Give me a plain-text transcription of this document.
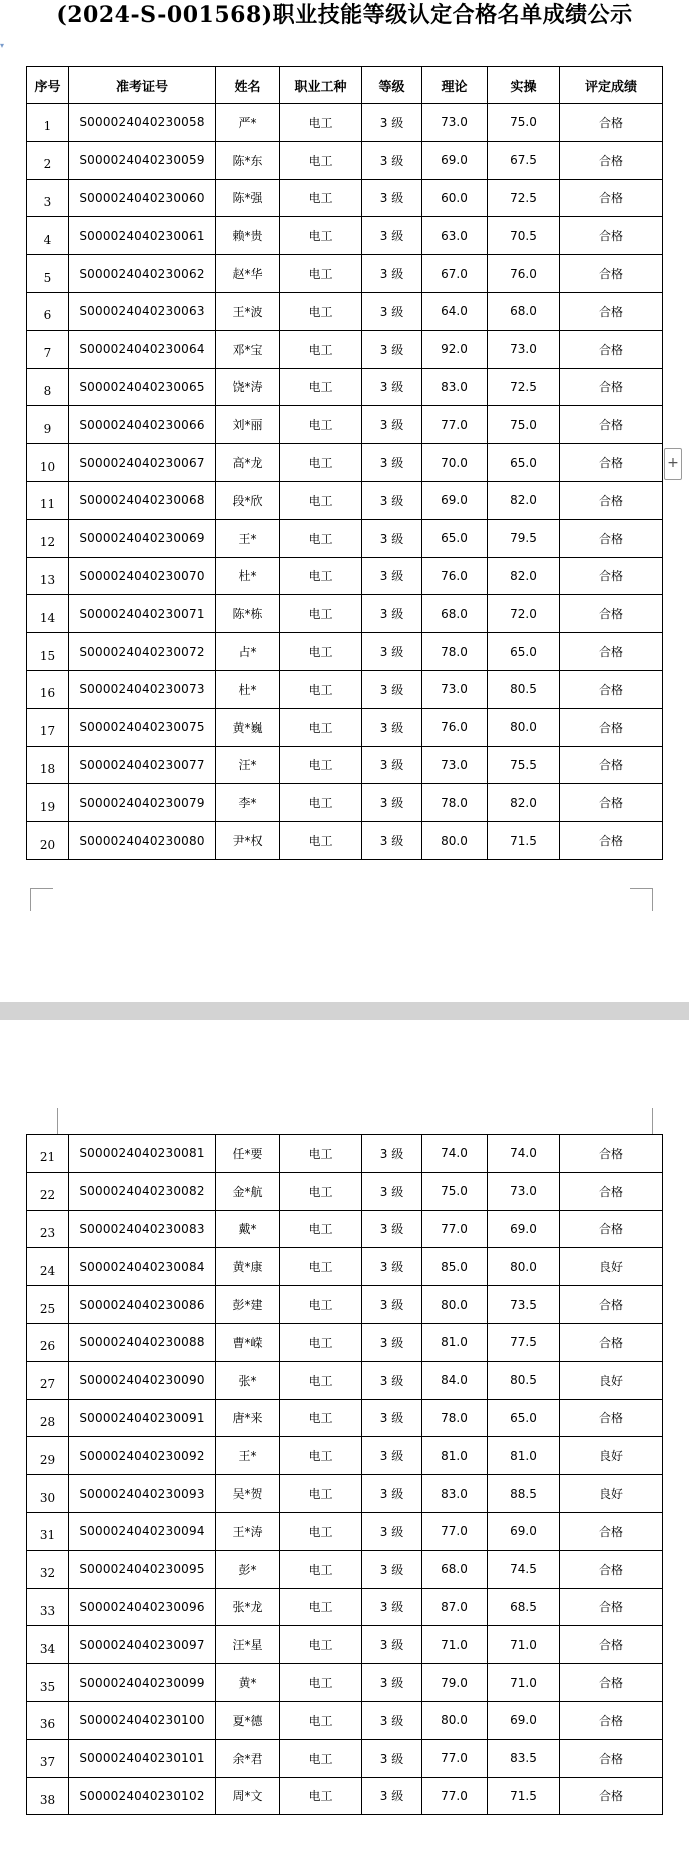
(2024-S-001568)职业技能等级认定合格名单成绩公示
▾
序号	准考证号	姓名	职业工种	等级	理论	实操	评定成绩
1	S000024040230058	严*	电工	3 级	73.0	75.0	合格
2	S000024040230059	陈*东	电工	3 级	69.0	67.5	合格
3	S000024040230060	陈*强	电工	3 级	60.0	72.5	合格
4	S000024040230061	赖*贵	电工	3 级	63.0	70.5	合格
5	S000024040230062	赵*华	电工	3 级	67.0	76.0	合格
6	S000024040230063	王*波	电工	3 级	64.0	68.0	合格
7	S000024040230064	邓*宝	电工	3 级	92.0	73.0	合格
8	S000024040230065	饶*涛	电工	3 级	83.0	72.5	合格
9	S000024040230066	刘*丽	电工	3 级	77.0	75.0	合格
10	S000024040230067	高*龙	电工	3 级	70.0	65.0	合格
11	S000024040230068	段*欣	电工	3 级	69.0	82.0	合格
12	S000024040230069	王*	电工	3 级	65.0	79.5	合格
13	S000024040230070	杜*	电工	3 级	76.0	82.0	合格
14	S000024040230071	陈*栋	电工	3 级	68.0	72.0	合格
15	S000024040230072	占*	电工	3 级	78.0	65.0	合格
16	S000024040230073	杜*	电工	3 级	73.0	80.5	合格
17	S000024040230075	黄*巍	电工	3 级	76.0	80.0	合格
18	S000024040230077	汪*	电工	3 级	73.0	75.5	合格
19	S000024040230079	李*	电工	3 级	78.0	82.0	合格
20	S000024040230080	尹*权	电工	3 级	80.0	71.5	合格
+
21	S000024040230081	任*要	电工	3 级	74.0	74.0	合格
22	S000024040230082	金*航	电工	3 级	75.0	73.0	合格
23	S000024040230083	戴*	电工	3 级	77.0	69.0	合格
24	S000024040230084	黄*康	电工	3 级	85.0	80.0	良好
25	S000024040230086	彭*建	电工	3 级	80.0	73.5	合格
26	S000024040230088	曹*嵘	电工	3 级	81.0	77.5	合格
27	S000024040230090	张*	电工	3 级	84.0	80.5	良好
28	S000024040230091	唐*来	电工	3 级	78.0	65.0	合格
29	S000024040230092	王*	电工	3 级	81.0	81.0	良好
30	S000024040230093	吴*贺	电工	3 级	83.0	88.5	良好
31	S000024040230094	王*涛	电工	3 级	77.0	69.0	合格
32	S000024040230095	彭*	电工	3 级	68.0	74.5	合格
33	S000024040230096	张*龙	电工	3 级	87.0	68.5	合格
34	S000024040230097	汪*星	电工	3 级	71.0	71.0	合格
35	S000024040230099	黄*	电工	3 级	79.0	71.0	合格
36	S000024040230100	夏*德	电工	3 级	80.0	69.0	合格
37	S000024040230101	余*君	电工	3 级	77.0	83.5	合格
38	S000024040230102	周*文	电工	3 级	77.0	71.5	合格
